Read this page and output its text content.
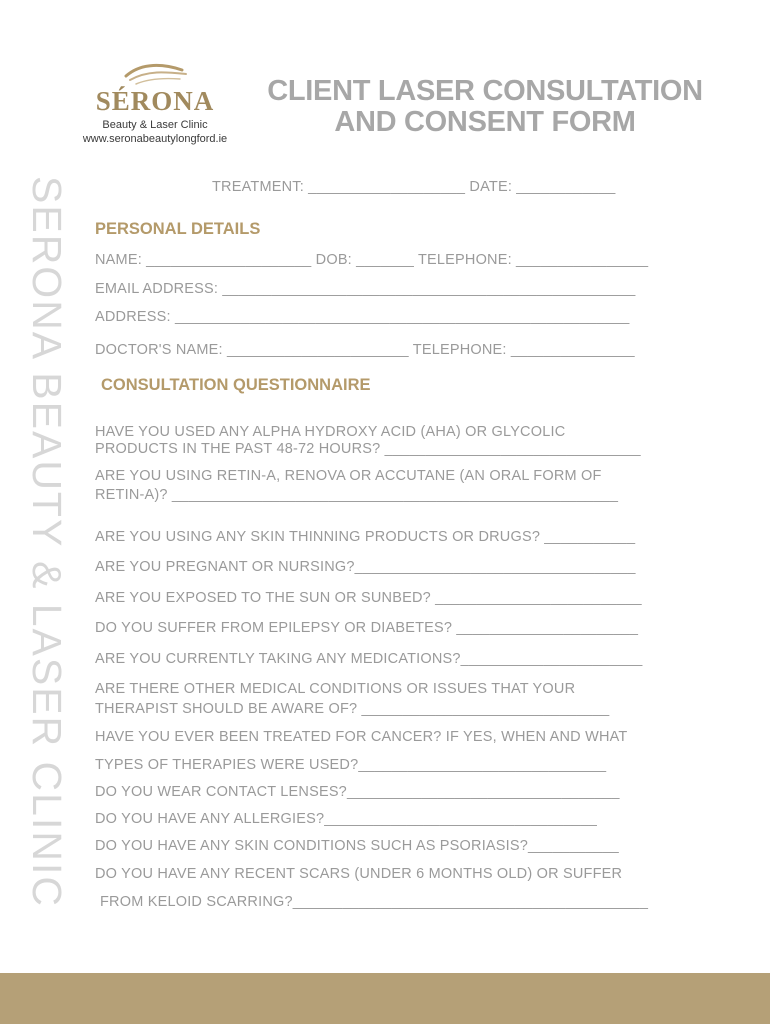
SÉRONA
Beauty & Laser Clinic
www.seronabeautylongford.ie
CLIENT LASER CONSULTATION
AND CONSENT FORM
SERONA BEAUTY & LASER CLINIC	TREATMENT: ___________________ DATE: ____________
PERSONAL DETAILS
NAME: ____________________ DOB: _______ TELEPHONE: ________________
EMAIL ADDRESS: __________________________________________________
ADDRESS: _______________________________________________________
DOCTOR'S NAME: ______________________ TELEPHONE: _______________
CONSULTATION QUESTIONNAIRE
HAVE YOU USED ANY ALPHA HYDROXY ACID (AHA) OR GLYCOLIC
PRODUCTS IN THE PAST 48-72 HOURS? _______________________________
ARE YOU USING RETIN-A, RENOVA OR ACCUTANE (AN ORAL FORM OF
RETIN-A)? ______________________________________________________
ARE YOU USING ANY SKIN THINNING PRODUCTS OR DRUGS? ___________
ARE YOU PREGNANT OR NURSING?__________________________________
ARE YOU EXPOSED TO THE SUN OR SUNBED? _________________________
DO YOU SUFFER FROM EPILEPSY OR DIABETES? ______________________
ARE YOU CURRENTLY TAKING ANY MEDICATIONS?______________________
ARE THERE OTHER MEDICAL CONDITIONS OR ISSUES THAT YOUR
THERAPIST SHOULD BE AWARE OF? ______________________________
HAVE YOU EVER BEEN TREATED FOR CANCER? IF YES, WHEN AND WHAT
TYPES OF THERAPIES WERE USED?______________________________
DO YOU WEAR CONTACT LENSES?_________________________________
DO YOU HAVE ANY ALLERGIES?_________________________________
DO YOU HAVE ANY SKIN CONDITIONS SUCH AS PSORIASIS?___________
DO YOU HAVE ANY RECENT SCARS (UNDER 6 MONTHS OLD) OR SUFFER
FROM KELOID SCARRING?___________________________________________
